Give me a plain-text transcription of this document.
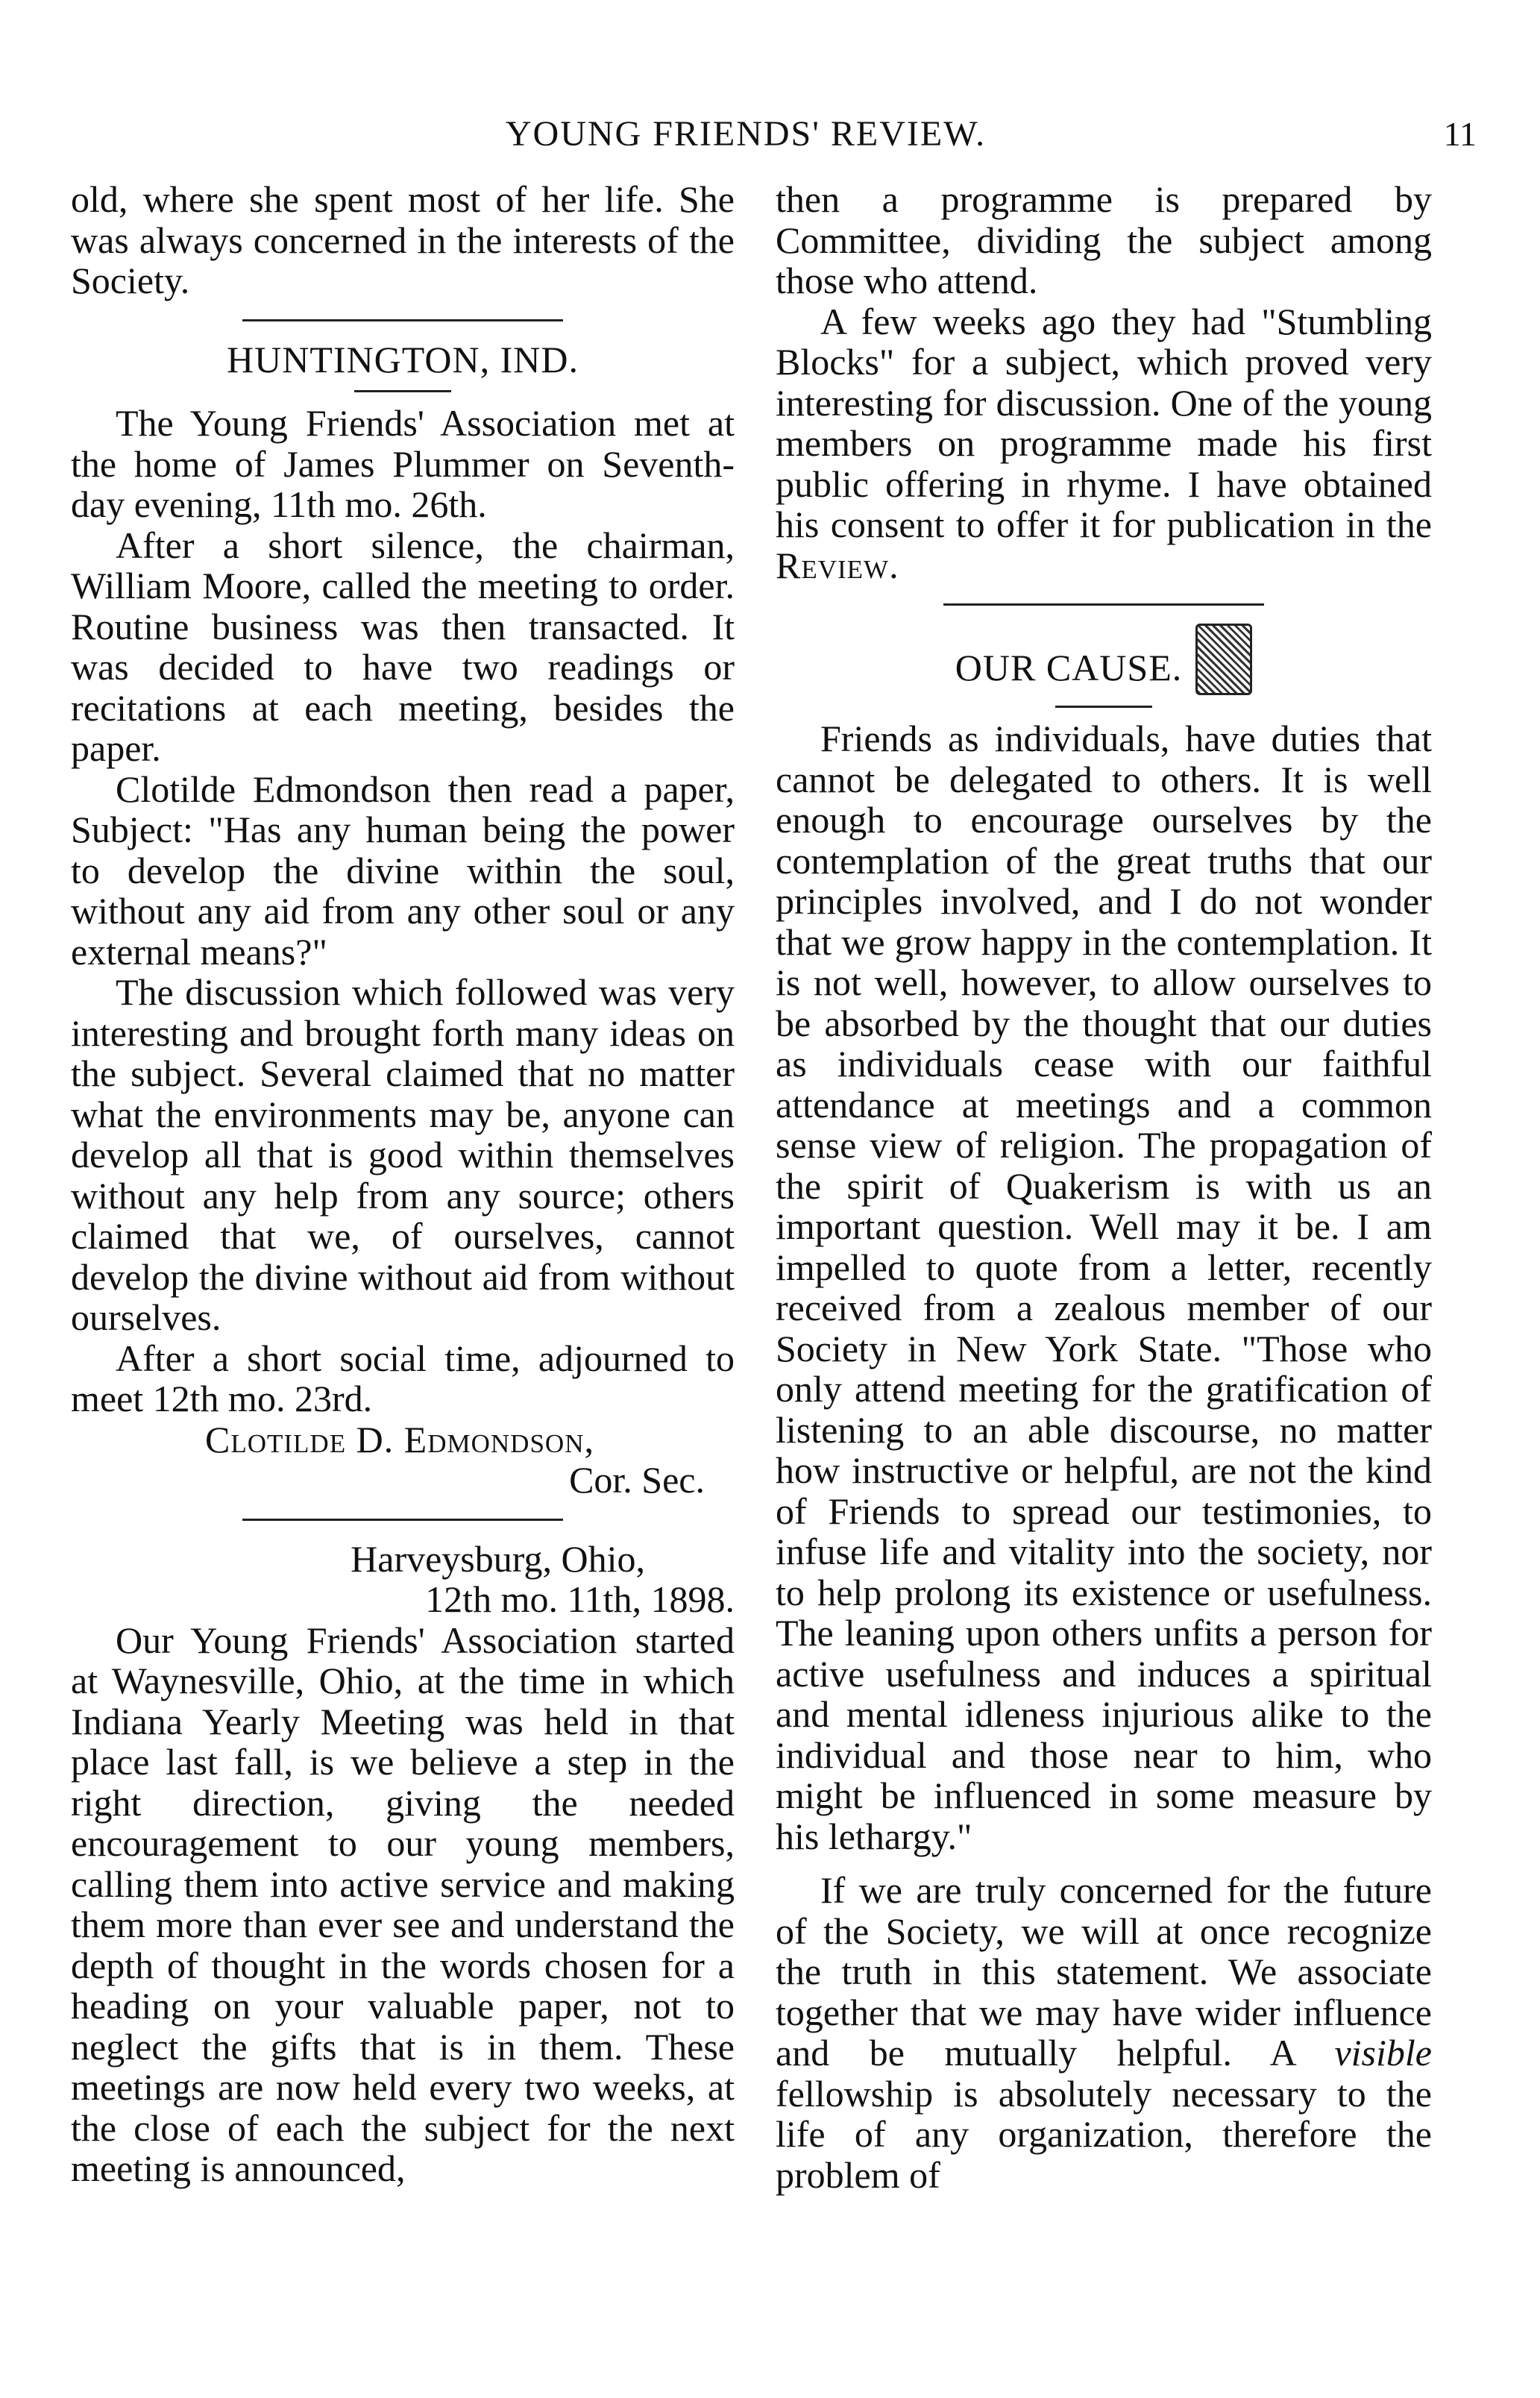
YOUNG FRIENDS' REVIEW.	11

old, where she spent most of her life. She was always concerned in the interests of the Society.

HUNTINGTON, IND.

The Young Friends' Association met at the home of James Plummer on Seventh-day evening, 11th mo. 26th.

After a short silence, the chairman, William Moore, called the meeting to order. Routine business was then transacted. It was decided to have two readings or recitations at each meeting, besides the paper.

Clotilde Edmondson then read a paper, Subject: "Has any human being the power to develop the divine within the soul, without any aid from any other soul or any external means?"

The discussion which followed was very interesting and brought forth many ideas on the subject. Several claimed that no matter what the environments may be, anyone can develop all that is good within themselves without any help from any source; others claimed that we, of ourselves, cannot develop the divine without aid from without ourselves.

After a short social time, adjourned to meet 12th mo. 23rd.

Clotilde D. Edmondson,

Cor. Sec.

Harveysburg, Ohio,

12th mo. 11th, 1898.

Our Young Friends' Association started at Waynesville, Ohio, at the time in which Indiana Yearly Meeting was held in that place last fall, is we believe a step in the right direction, giving the needed encouragement to our young members, calling them into active service and making them more than ever see and understand the depth of thought in the words chosen for a heading on your valuable paper, not to neglect the gifts that is in them. These meetings are now held every two weeks, at the close of each the subject for the next meeting is announced,

then a programme is prepared by Committee, dividing the subject among those who attend.

A few weeks ago they had "Stumbling Blocks" for a subject, which proved very interesting for discussion. One of the young members on programme made his first public offering in rhyme. I have obtained his consent to offer it for publication in the Review.

OUR CAUSE.

Friends as individuals, have duties that cannot be delegated to others. It is well enough to encourage ourselves by the contemplation of the great truths that our principles involved, and I do not wonder that we grow happy in the contemplation. It is not well, however, to allow ourselves to be absorbed by the thought that our duties as individuals cease with our faithful attendance at meetings and a common sense view of religion. The propagation of the spirit of Quakerism is with us an important question. Well may it be. I am impelled to quote from a letter, recently received from a zealous member of our Society in New York State. "Those who only attend meeting for the gratification of listening to an able discourse, no matter how instructive or helpful, are not the kind of Friends to spread our testimonies, to infuse life and vitality into the society, nor to help prolong its existence or usefulness. The leaning upon others unfits a person for active usefulness and induces a spiritual and mental idleness injurious alike to the individual and those near to him, who might be influenced in some measure by his lethargy."

If we are truly concerned for the future of the Society, we will at once recognize the truth in this statement. We associate together that we may have wider influence and be mutually helpful. A visible fellowship is absolutely necessary to the life of any organization, therefore the problem of
